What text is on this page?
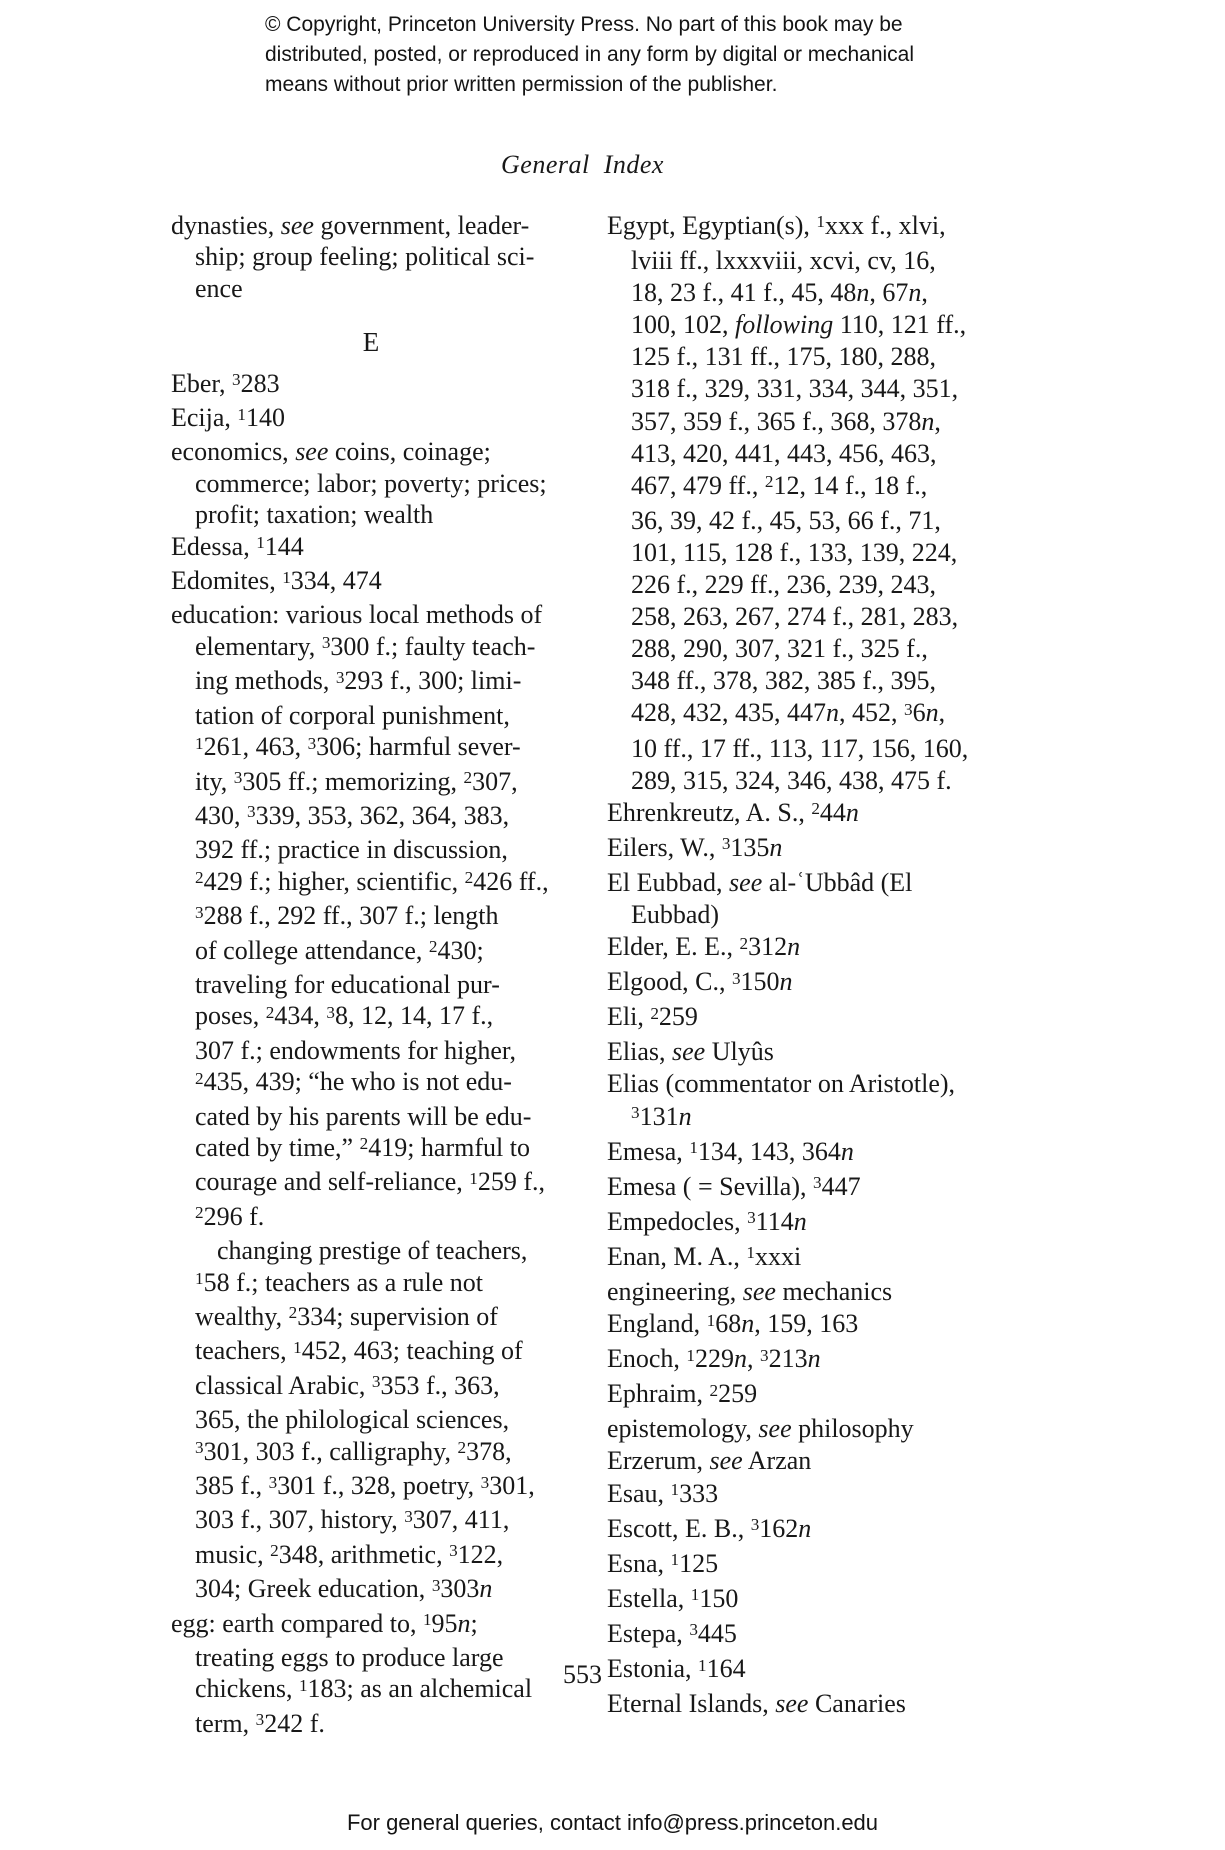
© Copyright, Princeton University Press. No part of this book may be
distributed, posted, or reproduced in any form by digital or mechanical
means without prior written permission of the publisher.
General Index
dynasties, see government, leader-
ship; group feeling; political sci-
ence
E
Eber, $^3$283
Ecija, $^1$140
economics, see coins, coinage;
commerce; labor; poverty; prices;
profit; taxation; wealth
Edessa, $^1$144
Edomites, $^1$334, 474
education: various local methods of
elementary, $^3$300 f.; faulty teach-
ing methods, $^3$293 f., 300; limi-
tation of corporal punishment,
$^1$261, 463, $^3$306; harmful sever-
ity, $^3$305 ff.; memorizing, $^2$307,
430, $^3$339, 353, 362, 364, 383,
392 ff.; practice in discussion,
$^2$429 f.; higher, scientific, $^2$426 ff.,
$^3$288 f., 292 ff., 307 f.; length
of college attendance, $^2$430;
traveling for educational pur-
poses, $^2$434, $^3$8, 12, 14, 17 f.,
307 f.; endowments for higher,
$^2$435, 439; “he who is not edu-
cated by his parents will be edu-
cated by time,” $^2$419; harmful to
courage and self-reliance, $^1$259 f.,
$^2$296 f.
changing prestige of teachers,
$^1$58 f.; teachers as a rule not
wealthy, $^2$334; supervision of
teachers, $^1$452, 463; teaching of
classical Arabic, $^3$353 f., 363,
365, the philological sciences,
$^3$301, 303 f., calligraphy, $^2$378,
385 f., $^3$301 f., 328, poetry, $^3$301,
303 f., 307, history, $^3$307, 411,
music, $^2$348, arithmetic, $^3$122,
304; Greek education, $^3$303n
egg: earth compared to, $^1$95n;
treating eggs to produce large
chickens, $^1$183; as an alchemical
term, $^3$242 f.
Egypt, Egyptian(s), $^1$xxx f., xlvi,
lviii ff., lxxxviii, xcvi, cv, 16,
18, 23 f., 41 f., 45, 48n, 67n,
100, 102, following 110, 121 ff.,
125 f., 131 ff., 175, 180, 288,
318 f., 329, 331, 334, 344, 351,
357, 359 f., 365 f., 368, 378n,
413, 420, 441, 443, 456, 463,
467, 479 ff., $^2$12, 14 f., 18 f.,
36, 39, 42 f., 45, 53, 66 f., 71,
101, 115, 128 f., 133, 139, 224,
226 f., 229 ff., 236, 239, 243,
258, 263, 267, 274 f., 281, 283,
288, 290, 307, 321 f., 325 f.,
348 ff., 378, 382, 385 f., 395,
428, 432, 435, 447n, 452, $^3$6n,
10 ff., 17 ff., 113, 117, 156, 160,
289, 315, 324, 346, 438, 475 f.
Ehrenkreutz, A. S., $^2$44n
Eilers, W., $^3$135n
El Eubbad, see al-ʿUbbâd (El
Eubbad)
Elder, E. E., $^2$312n
Elgood, C., $^3$150n
Eli, $^2$259
Elias, see Ulyûs
Elias (commentator on Aristotle),
$^3$131n
Emesa, $^1$134, 143, 364n
Emesa ( = Sevilla), $^3$447
Empedocles, $^3$114n
Enan, M. A., $^1$xxxi
engineering, see mechanics
England, $^1$68n, 159, 163
Enoch, $^1$229n, $^3$213n
Ephraim, $^2$259
epistemology, see philosophy
Erzerum, see Arzan
Esau, $^1$333
Escott, E. B., $^3$162n
Esna, $^1$125
Estella, $^1$150
Estepa, $^3$445
Estonia, $^1$164
Eternal Islands, see Canaries
553
For general queries, contact info@press.princeton.edu
